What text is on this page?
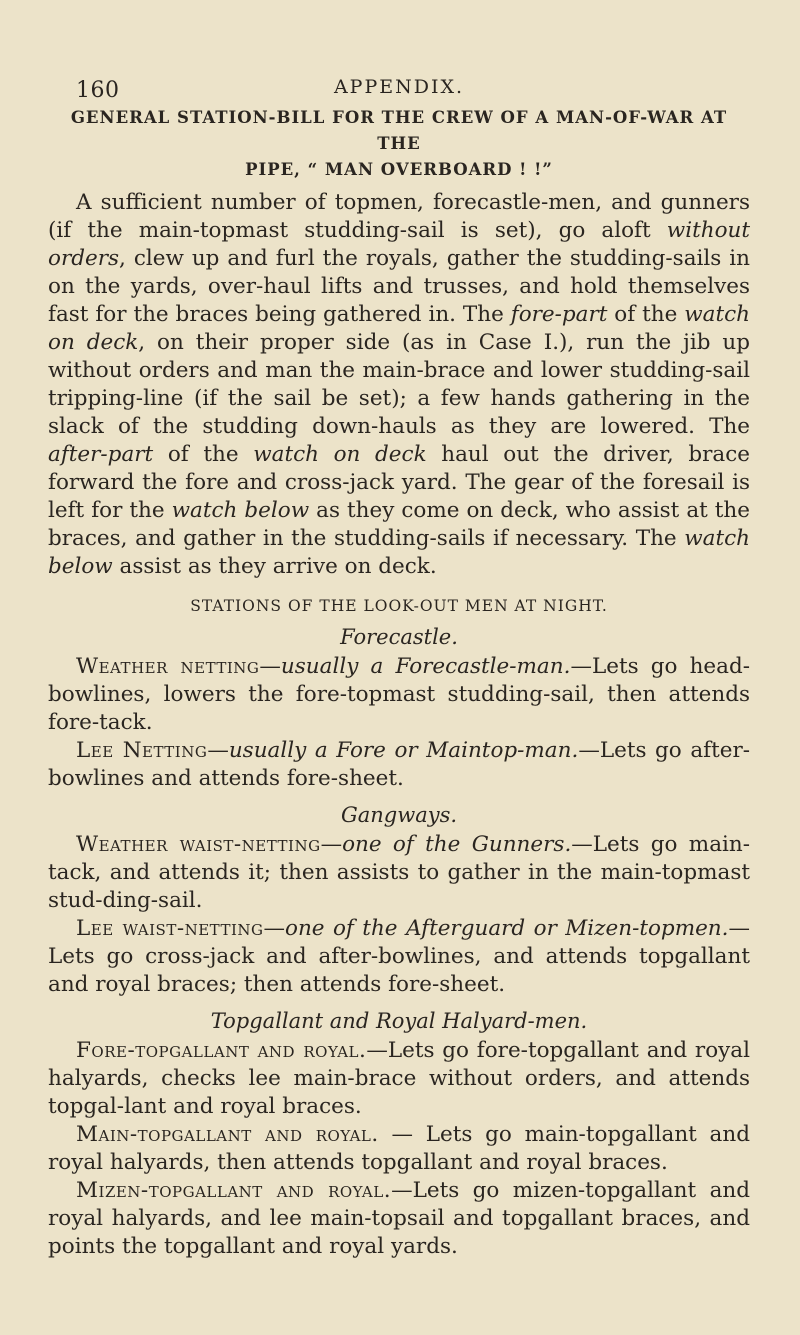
160	APPENDIX.
GENERAL STATION-BILL FOR THE CREW OF A MAN-OF-WAR AT THE
PIPE, “ MAN OVERBOARD ! !”

A sufficient number of topmen, forecastle-men, and gunners (if the main-topmast studding-sail is set), go aloft without orders, clew up and furl the royals, gather the studding-sails in on the yards, over-haul lifts and trusses, and hold themselves fast for the braces being gathered in. The fore-part of the watch on deck, on their proper side (as in Case I.), run the jib up without orders and man the main-brace and lower studding-sail tripping-line (if the sail be set); a few hands gathering in the slack of the studding down-hauls as they are lowered. The after-part of the watch on deck haul out the driver, brace forward the fore and cross-jack yard. The gear of the foresail is left for the watch below as they come on deck, who assist at the braces, and gather in the studding-sails if necessary. The watch below assist as they arrive on deck.

STATIONS OF THE LOOK-OUT MEN AT NIGHT.
Forecastle.

Weather netting—usually a Forecastle-man.—Lets go head-bowlines, lowers the fore-topmast studding-sail, then attends fore-tack.

Lee Netting—usually a Fore or Maintop-man.—Lets go after-bowlines and attends fore-sheet.

Gangways.

Weather waist-netting—one of the Gunners.—Lets go main-tack, and attends it; then assists to gather in the main-topmast stud-ding-sail.

Lee waist-netting—one of the Afterguard or Mizen-topmen.— Lets go cross-jack and after-bowlines, and attends topgallant and royal braces; then attends fore-sheet.

Topgallant and Royal Halyard-men.

Fore-topgallant and royal.—Lets go fore-topgallant and royal halyards, checks lee main-brace without orders, and attends topgal-lant and royal braces.

Main-topgallant and royal. — Lets go main-topgallant and royal halyards, then attends topgallant and royal braces.

Mizen-topgallant and royal.—Lets go mizen-topgallant and royal halyards, and lee main-topsail and topgallant braces, and points the topgallant and royal yards.
